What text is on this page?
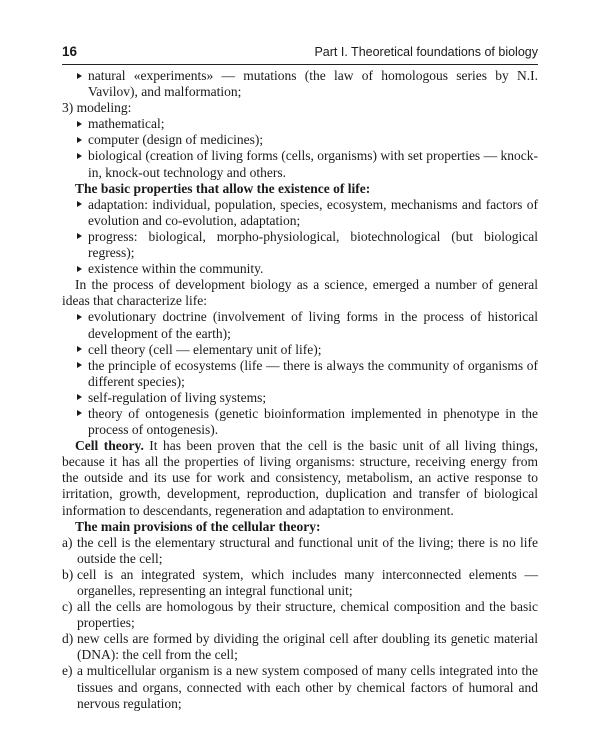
16	Part I. Theoretical foundations of biology

natural «experiments» — mutations (the law of homologous series by N.I. Vavilov), and malformation;

3) modeling:

mathematical;

computer (design of medicines);

biological (creation of living forms (cells, organisms) with set properties — knock-in, knock-out technology and others.

The basic properties that allow the existence of life:

adaptation: individual, population, species, ecosystem, mechanisms and factors of evolution and co-evolution, adaptation;

progress: biological, morpho-physiological, biotechnological (but biological regress);

existence within the community.

In the process of development biology as a science, emerged a number of general ideas that characterize life:

evolutionary doctrine (involvement of living forms in the process of historical development of the earth);

cell theory (cell — elementary unit of life);

the principle of ecosystems (life — there is always the community of organisms of different species);

self-regulation of living systems;

theory of ontogenesis (genetic bioinformation implemented in phenotype in the process of ontogenesis).

Cell theory. It has been proven that the cell is the basic unit of all living things, because it has all the properties of living organisms: structure, receiving energy from the outside and its use for work and consistency, metabolism, an active response to irritation, growth, development, reproduction, duplication and transfer of biological information to descendants, regeneration and adaptation to environment.

The main provisions of the cellular theory:

a) the cell is the elementary structural and functional unit of the living; there is no life outside the cell;

b) cell is an integrated system, which includes many interconnected elements — organelles, representing an integral functional unit;

c) all the cells are homologous by their structure, chemical composition and the basic properties;

d) new cells are formed by dividing the original cell after doubling its genetic material (DNA): the cell from the cell;

e) a multicellular organism is a new system composed of many cells integrated into the tissues and organs, connected with each other by chemical factors of humoral and nervous regulation;
